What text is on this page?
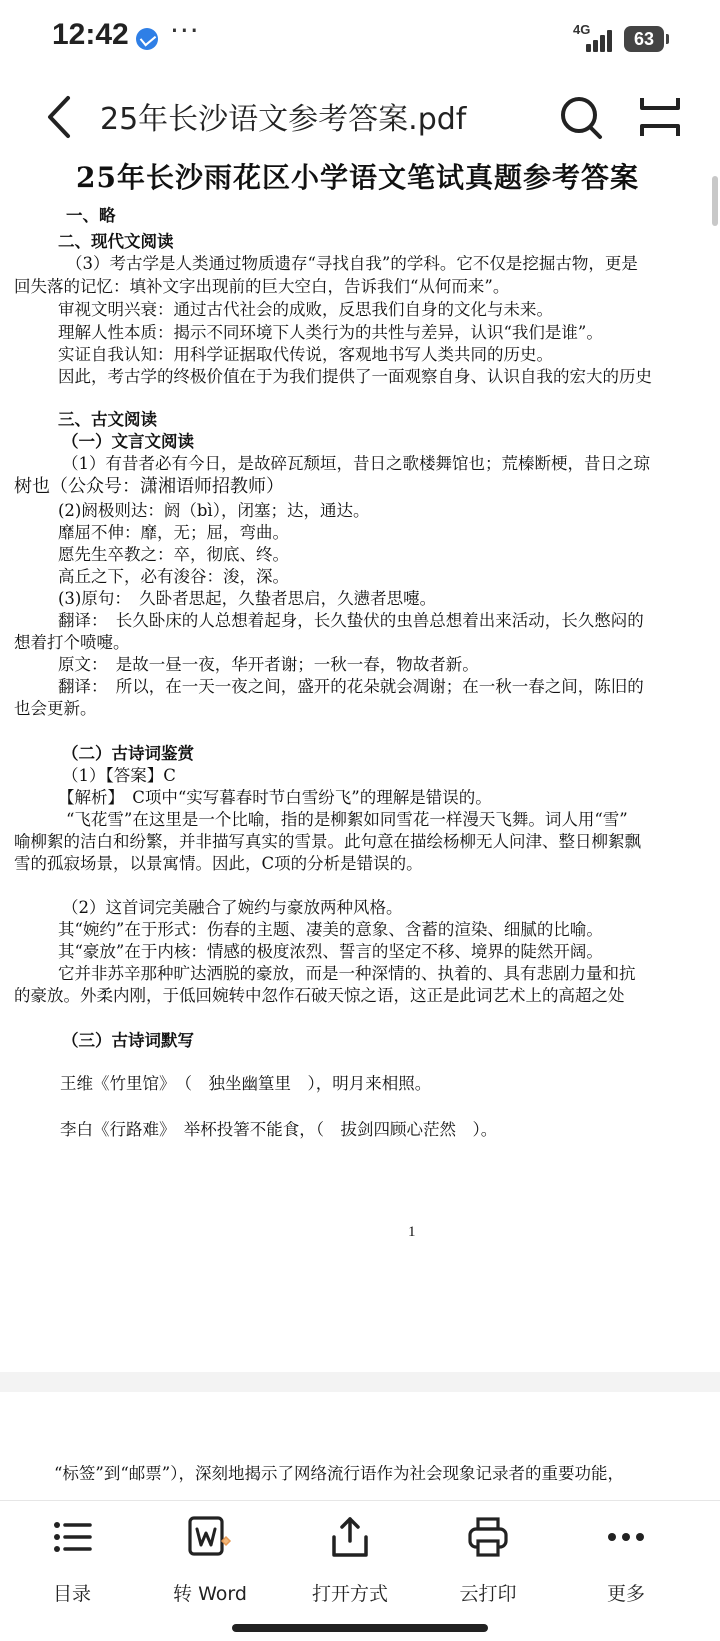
12:42 ···	4G	63
25年长沙语文参考答案.pdf
25年长沙雨花区小学语文笔试真题参考答案
一、略
二、现代文阅读
（3）考古学是人类通过物质遗存“寻找自我”的学科。它不仅是挖掘古物，更是
回失落的记忆：填补文字出现前的巨大空白，告诉我们“从何而来”。
审视文明兴衰：通过古代社会的成败，反思我们自身的文化与未来。
理解人性本质：揭示不同环境下人类行为的共性与差异，认识“我们是谁”。
实证自我认知：用科学证据取代传说，客观地书写人类共同的历史。
因此，考古学的终极价值在于为我们提供了一面观察自身、认识自我的宏大的历史
三、古文阅读
（一）文言文阅读
（1）有昔者必有今日，是故碎瓦颓垣，昔日之歌楼舞馆也；荒榛断梗，昔日之琼
树也（公众号：潇湘语师招教师）
(2)阏极则达：阏（bì），闭塞；达，通达。
靡屈不伸：靡，无；屈，弯曲。
愿先生卒教之：卒，彻底、终。
高丘之下，必有浚谷：浚，深。
(3)原句：　久卧者思起，久蛰者思启，久懑者思嚏。
翻译：　长久卧床的人总想着起身，长久蛰伏的虫兽总想着出来活动，长久憋闷的
想着打个喷嚏。
原文：　是故一昼一夜，华开者谢；一秋一春，物故者新。
翻译：　所以，在一天一夜之间，盛开的花朵就会凋谢；在一秋一春之间，陈旧的
也会更新。
（二）古诗词鉴赏
（1）【答案】C
【解析】　C项中“实写暮春时节白雪纷飞”的理解是错误的。
“飞花雪”在这里是一个比喻，指的是柳絮如同雪花一样漫天飞舞。词人用“雪”
喻柳絮的洁白和纷繁，并非描写真实的雪景。此句意在描绘杨柳无人问津、整日柳絮飘
雪的孤寂场景，以景寓情。因此，C项的分析是错误的。
（2）这首词完美融合了婉约与豪放两种风格。
其“婉约”在于形式：伤春的主题、凄美的意象、含蓄的渲染、细腻的比喻。
其“豪放”在于内核：情感的极度浓烈、誓言的坚定不移、境界的陡然开阔。
它并非苏辛那种旷达洒脱的豪放，而是一种深情的、执着的、具有悲剧力量和抗
的豪放。外柔内刚，于低回婉转中忽作石破天惊之语，这正是此词艺术上的高超之处
（三）古诗词默写
王维《竹里馆》　（　独坐幽篁里　），明月来相照。
李白《行路难》　举杯投箸不能食，（　拔剑四顾心茫然　）。
1
“标签”到“邮票”），深刻地揭示了网络流行语作为社会现象记录者的重要功能，
目录	转 Word	打开方式	云打印	更多
